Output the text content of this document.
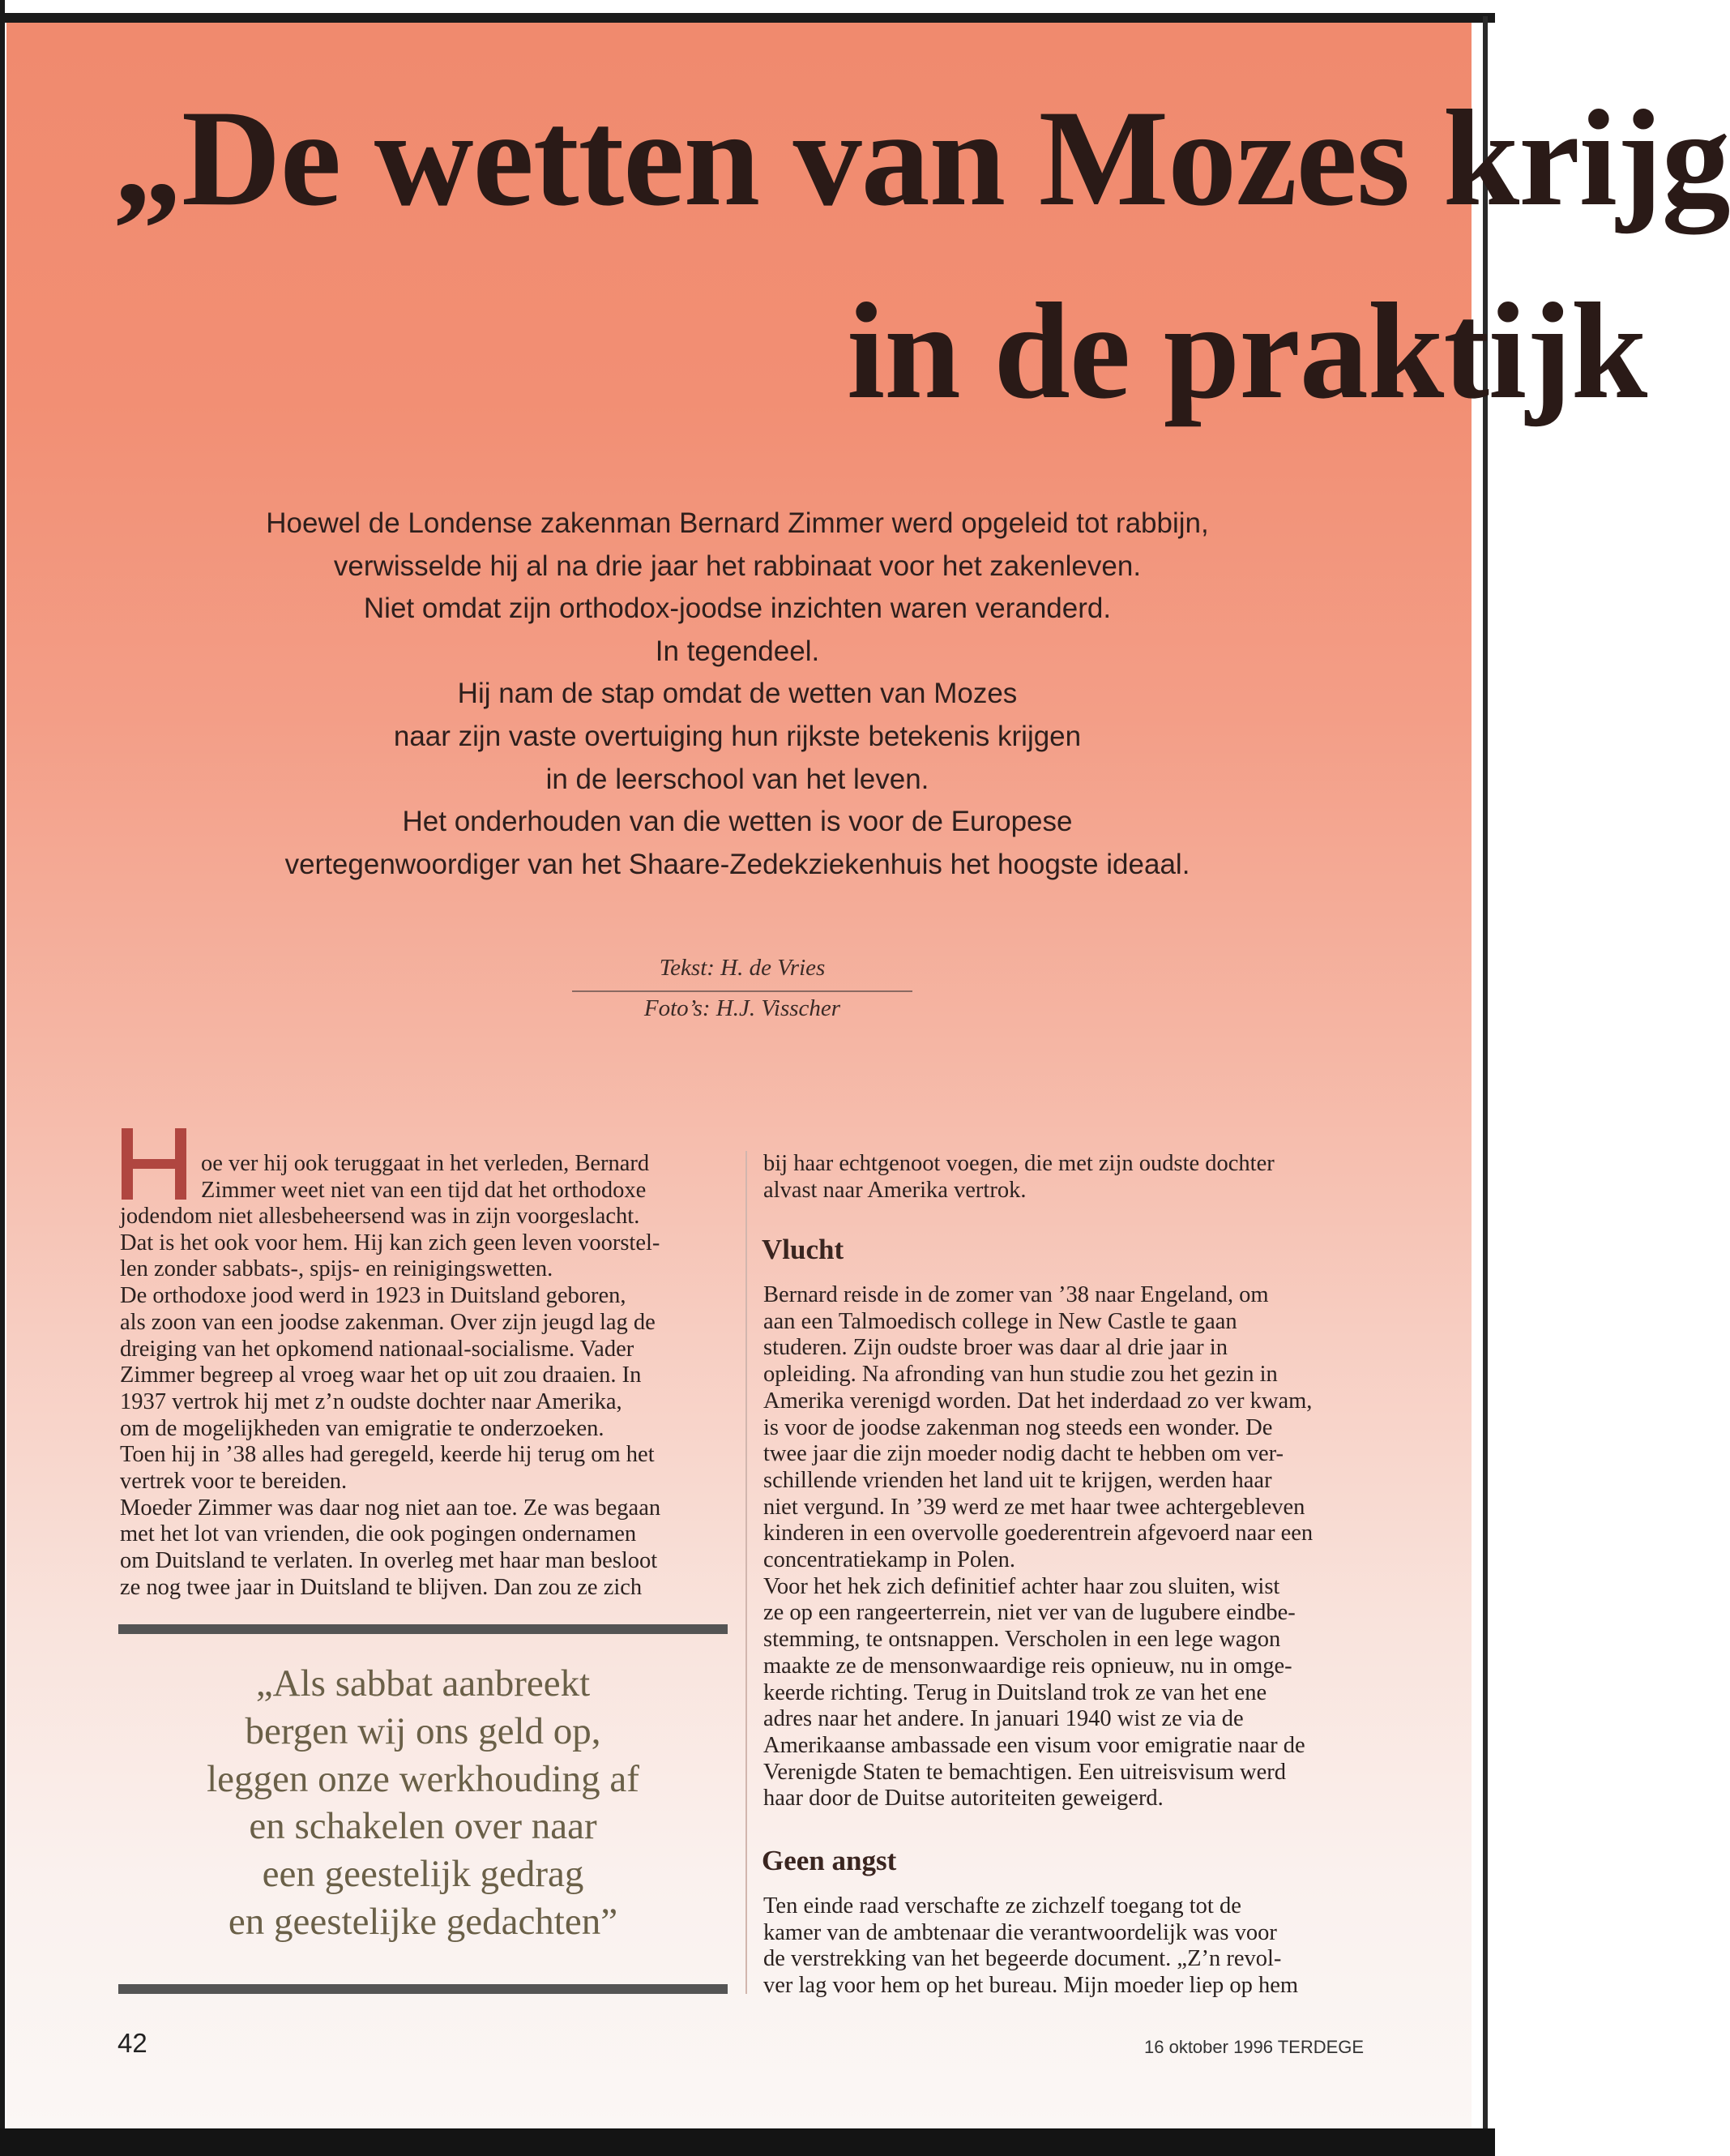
„De wetten van Mozes krijg
in de praktijk
Hoewel de Londense zakenman Bernard Zimmer werd opgeleid tot rabbijn,
verwisselde hij al na drie jaar het rabbinaat voor het zakenleven.
Niet omdat zijn orthodox-joodse inzichten waren veranderd.
In tegendeel.
Hij nam de stap omdat de wetten van Mozes
naar zijn vaste overtuiging hun rijkste betekenis krijgen
in de leerschool van het leven.
Het onderhouden van die wetten is voor de Europese
vertegenwoordiger van het Shaare-Zedekziekenhuis het hoogste ideaal.
Tekst: H. de Vries
Foto’s: H.J. Visscher

oe ver hij ook teruggaat in het verleden, Bernard

Zimmer weet niet van een tijd dat het orthodoxe

jodendom niet allesbeheersend was in zijn voorgeslacht.

Dat is het ook voor hem. Hij kan zich geen leven voorstel-

len zonder sabbats-, spijs- en reinigingswetten.

De orthodoxe jood werd in 1923 in Duitsland geboren,

als zoon van een joodse zakenman. Over zijn jeugd lag de

dreiging van het opkomend nationaal-socialisme. Vader

Zimmer begreep al vroeg waar het op uit zou draaien. In

1937 vertrok hij met z’n oudste dochter naar Amerika,

om de mogelijkheden van emigratie te onderzoeken.

Toen hij in ’38 alles had geregeld, keerde hij terug om het

vertrek voor te bereiden.

Moeder Zimmer was daar nog niet aan toe. Ze was begaan

met het lot van vrienden, die ook pogingen ondernamen

om Duitsland te verlaten. In overleg met haar man besloot

ze nog twee jaar in Duitsland te blijven. Dan zou ze zich

„Als sabbat aanbreekt
bergen wij ons geld op,
leggen onze werkhouding af
en schakelen over naar
een geestelijk gedrag
en geestelijke gedachten”

bij haar echtgenoot voegen, die met zijn oudste dochter

alvast naar Amerika vertrok.

Vlucht

Bernard reisde in de zomer van ’38 naar Engeland, om

aan een Talmoedisch college in New Castle te gaan

studeren. Zijn oudste broer was daar al drie jaar in

opleiding. Na afronding van hun studie zou het gezin in

Amerika verenigd worden. Dat het inderdaad zo ver kwam,

is voor de joodse zakenman nog steeds een wonder. De

twee jaar die zijn moeder nodig dacht te hebben om ver-

schillende vrienden het land uit te krijgen, werden haar

niet vergund. In ’39 werd ze met haar twee achtergebleven

kinderen in een overvolle goederentrein afgevoerd naar een

concentratiekamp in Polen.

Voor het hek zich definitief achter haar zou sluiten, wist

ze op een rangeerterrein, niet ver van de lugubere eindbe-

stemming, te ontsnappen. Verscholen in een lege wagon

maakte ze de mensonwaardige reis opnieuw, nu in omge-

keerde richting. Terug in Duitsland trok ze van het ene

adres naar het andere. In januari 1940 wist ze via de

Amerikaanse ambassade een visum voor emigratie naar de

Verenigde Staten te bemachtigen. Een uitreisvisum werd

haar door de Duitse autoriteiten geweigerd.

Geen angst

Ten einde raad verschafte ze zichzelf toegang tot de

kamer van de ambtenaar die verantwoordelijk was voor

de verstrekking van het begeerde document. „Z’n revol-

ver lag voor hem op het bureau. Mijn moeder liep op hem

42	16 oktober 1996 TERDEGE
